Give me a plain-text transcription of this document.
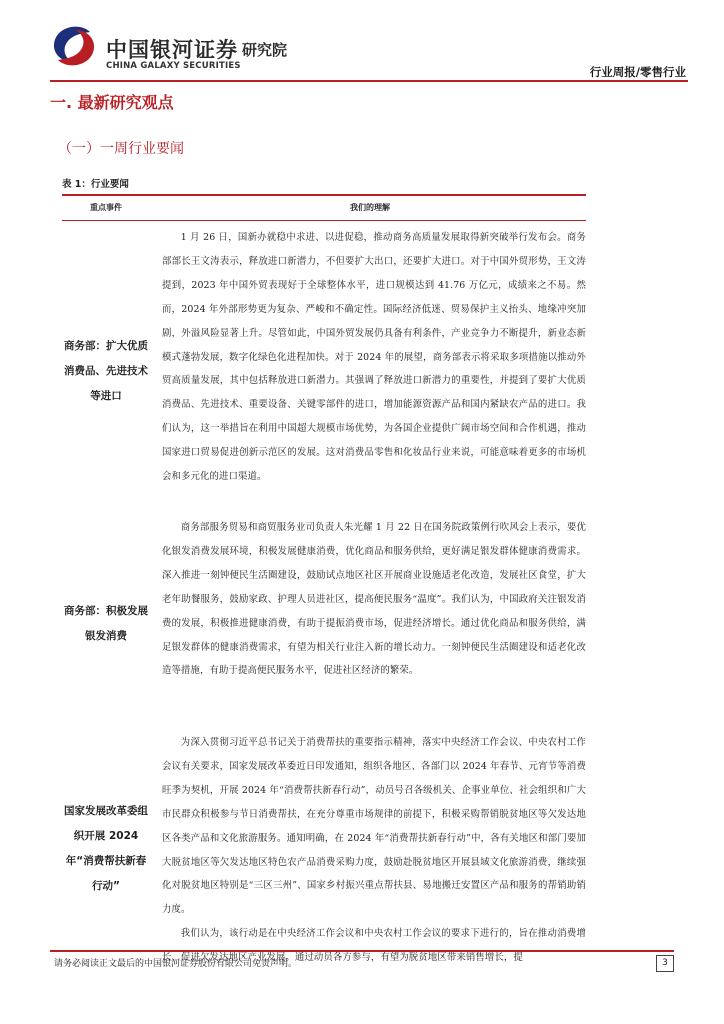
中国银河证券
CHINA GALAXY SECURITIES
研究院
行业周报/零售行业
一. 最新研究观点
（一）一周行业要闻
表 1：行业要闻
重点事件	我们的理解
商务部：扩大优质消费品、先进技术等进口

1 月 26 日，国新办就稳中求进、以进促稳，推动商务高质量发展取得新突破举行发布会。商务部部长王文涛表示，释放进口新潜力，不但要扩大出口，还要扩大进口。对于中国外贸形势，王文涛提到，2023 年中国外贸表现好于全球整体水平，进口规模达到 41.76 万亿元，成绩来之不易。然而，2024 年外部形势更为复杂、严峻和不确定性。国际经济低迷、贸易保护主义抬头、地缘冲突加剧，外溢风险显著上升。尽管如此，中国外贸发展仍具备有利条件，产业竞争力不断提升，新业态新模式蓬勃发展，数字化绿色化进程加快。对于 2024 年的展望，商务部表示将采取多项措施以推动外贸高质量发展，其中包括释放进口新潜力。其强调了释放进口新潜力的重要性，并提到了要扩大优质消费品、先进技术、重要设备、关键零部件的进口，增加能源资源产品和国内紧缺农产品的进口。我们认为，这一举措旨在利用中国超大规模市场优势，为各国企业提供广阔市场空间和合作机遇，推动国家进口贸易促进创新示范区的发展。这对消费品零售和化妆品行业来说，可能意味着更多的市场机会和多元化的进口渠道。

商务部：积极发展银发消费

商务部服务贸易和商贸服务业司负责人朱光耀 1 月 22 日在国务院政策例行吹风会上表示，要优化银发消费发展环境，积极发展健康消费，优化商品和服务供给，更好满足银发群体健康消费需求。深入推进一刻钟便民生活圈建设，鼓励试点地区社区开展商业设施适老化改造，发展社区食堂，扩大老年助餐服务，鼓励家政、护理人员进社区，提高便民服务“温度”。我们认为，中国政府关注银发消费的发展，积极推进健康消费，有助于提振消费市场，促进经济增长。通过优化商品和服务供给，满足银发群体的健康消费需求，有望为相关行业注入新的增长动力。一刻钟便民生活圈建设和适老化改造等措施，有助于提高便民服务水平，促进社区经济的繁荣。

国家发展改革委组织开展 2024 年“消费帮扶新春行动”

为深入贯彻习近平总书记关于消费帮扶的重要指示精神，落实中央经济工作会议、中央农村工作会议有关要求，国家发展改革委近日印发通知，组织各地区、各部门以 2024 年春节、元宵节等消费旺季为契机，开展 2024 年“消费帮扶新春行动”，动员号召各级机关、企事业单位、社会组织和广大市民群众积极参与节日消费帮扶，在充分尊重市场规律的前提下，积极采购帮销脱贫地区等欠发达地区各类产品和文化旅游服务。通知明确，在 2024 年“消费帮扶新春行动”中，各有关地区和部门要加大脱贫地区等欠发达地区特色农产品消费采购力度，鼓励赴脱贫地区开展县域文化旅游消费，继续强化对脱贫地区特别是“三区三州”、国家乡村振兴重点帮扶县、易地搬迁安置区产品和服务的帮销助销力度。

我们认为，该行动是在中央经济工作会议和中央农村工作会议的要求下进行的，旨在推动消费增长、促进欠发达地区产业发展。通过动员各方参与，有望为脱贫地区带来销售增长，提

请务必阅读正文最后的中国银河证券股份有限公司免责声明。	3
